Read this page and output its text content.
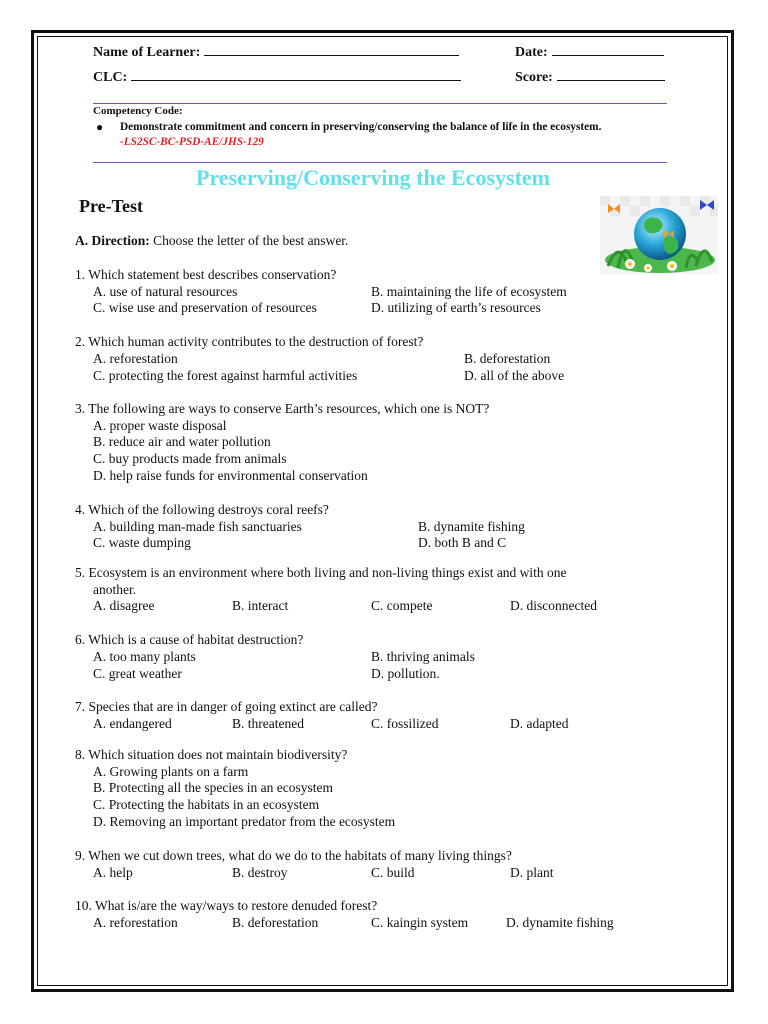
Name of Learner:	Date:
CLC:	Score:
Competency Code:
● Demonstrate commitment and concern in preserving/conserving the balance of life in the ecosystem.
-LS2SC-BC-PSD-AE/JHS-129
Preserving/Conserving the Ecosystem
Pre-Test
A. Direction: Choose the letter of the best answer.
1. Which statement best describes conservation?
A. use of natural resources	B. maintaining the life of ecosystem
C. wise use and preservation of resources	D. utilizing of earth’s resources
2. Which human activity contributes to the destruction of forest?
A. reforestation	B. deforestation
C. protecting the forest against harmful activities	D. all of the above
3. The following are ways to conserve Earth’s resources, which one is NOT?
A. proper waste disposal
B. reduce air and water pollution
C. buy products made from animals
D. help raise funds for environmental conservation
4. Which of the following destroys coral reefs?
A. building man-made fish sanctuaries	B. dynamite fishing
C. waste dumping	D. both B and C
5. Ecosystem is an environment where both living and non-living things exist and with one
another.
A. disagree	B. interact	C. compete	D. disconnected
6. Which is a cause of habitat destruction?
A. too many plants	B. thriving animals
C. great weather	D. pollution.
7. Species that are in danger of going extinct are called?
A. endangered	B. threatened	C. fossilized	D. adapted
8. Which situation does not maintain biodiversity?
A. Growing plants on a farm
B. Protecting all the species in an ecosystem
C. Protecting the habitats in an ecosystem
D. Removing an important predator from the ecosystem
9. When we cut down trees, what do we do to the habitats of many living things?
A. help	B. destroy	C. build	D. plant
10. What is/are the way/ways to restore denuded forest?
A. reforestation	B. deforestation	C. kaingin system	D. dynamite fishing
